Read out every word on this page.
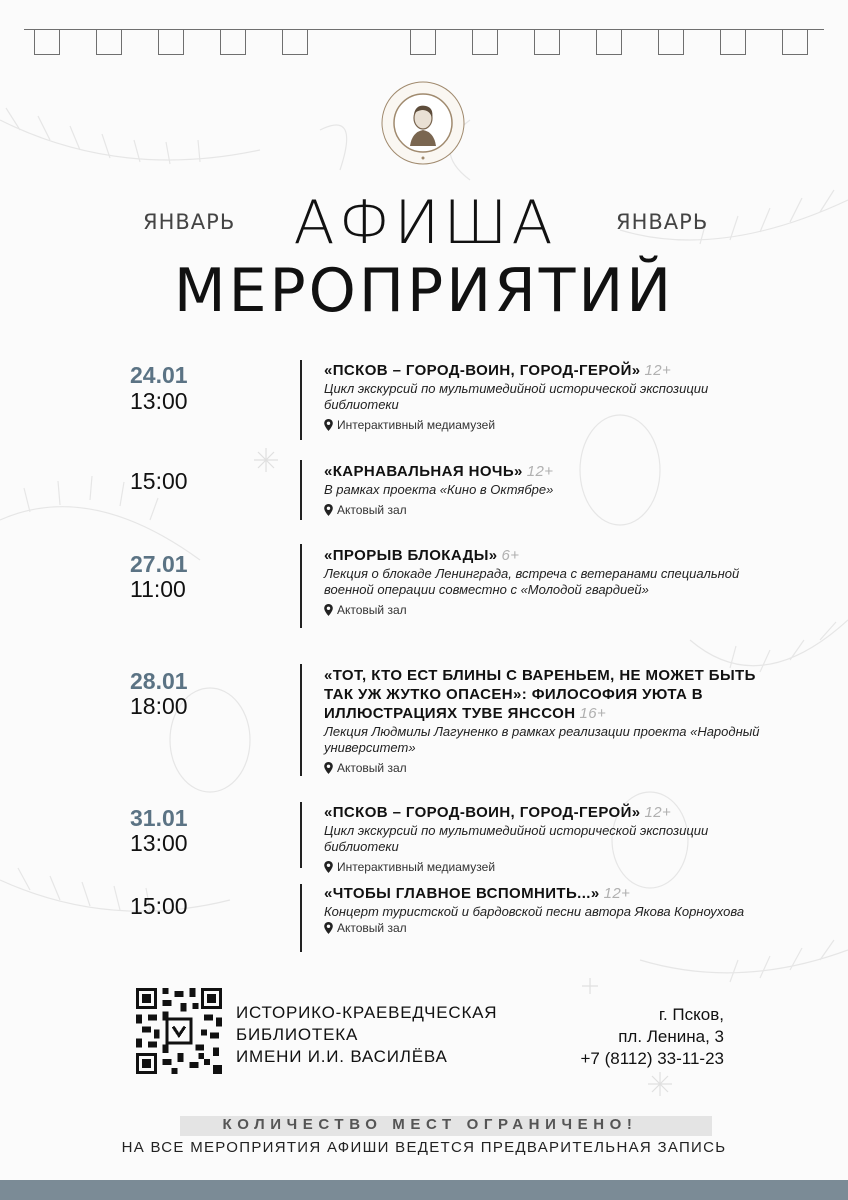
ЯНВАРЬ АФИША	ЯНВАРЬ
МЕРОПРИЯТИЙ
24.01
13:00
15:00
27.01
11:00
28.01
18:00
31.01
13:00
15:00
«ПСКОВ – ГОРОД-ВОИН, ГОРОД-ГЕРОЙ» 12+
Цикл экскурсий по мультимедийной исторической экспозиции библиотеки
Интерактивный медиамузей
«КАРНАВАЛЬНАЯ НОЧЬ» 12+
В рамках проекта «Кино в Октябре»
Актовый зал
«ПРОРЫВ БЛОКАДЫ» 6+
Лекция о блокаде Ленинграда, встреча с ветеранами специальной военной операции совместно с «Молодой гвардией»
Актовый зал
«ТОТ, КТО ЕСТ БЛИНЫ С ВАРЕНЬЕМ, НЕ МОЖЕТ БЫТЬ ТАК УЖ ЖУТКО ОПАСЕН»: ФИЛОСОФИЯ УЮТА В ИЛЛЮСТРАЦИЯХ ТУВЕ ЯНССОН 16+
Лекция Людмилы Лагуненко в рамках реализации проекта «Народный университет»
Актовый зал
«ПСКОВ – ГОРОД-ВОИН, ГОРОД-ГЕРОЙ» 12+
Цикл экскурсий по мультимедийной исторической экспозиции библиотеки
Интерактивный медиамузей
«ЧТОБЫ ГЛАВНОЕ ВСПОМНИТЬ...» 12+
Концерт туристской и бардовской песни автора Якова Корноухова
Актовый зал
ИСТОРИКО-КРАЕВЕДЧЕСКАЯ
БИБЛИОТЕКА
ИМЕНИ И.И. ВАСИЛЁВА
г. Псков,
пл. Ленина, 3
+7 (8112) 33-11-23
КОЛИЧЕСТВО МЕСТ ОГРАНИЧЕНО!
НА ВСЕ МЕРОПРИЯТИЯ АФИШИ ВЕДЕТСЯ ПРЕДВАРИТЕЛЬНАЯ ЗАПИСЬ
